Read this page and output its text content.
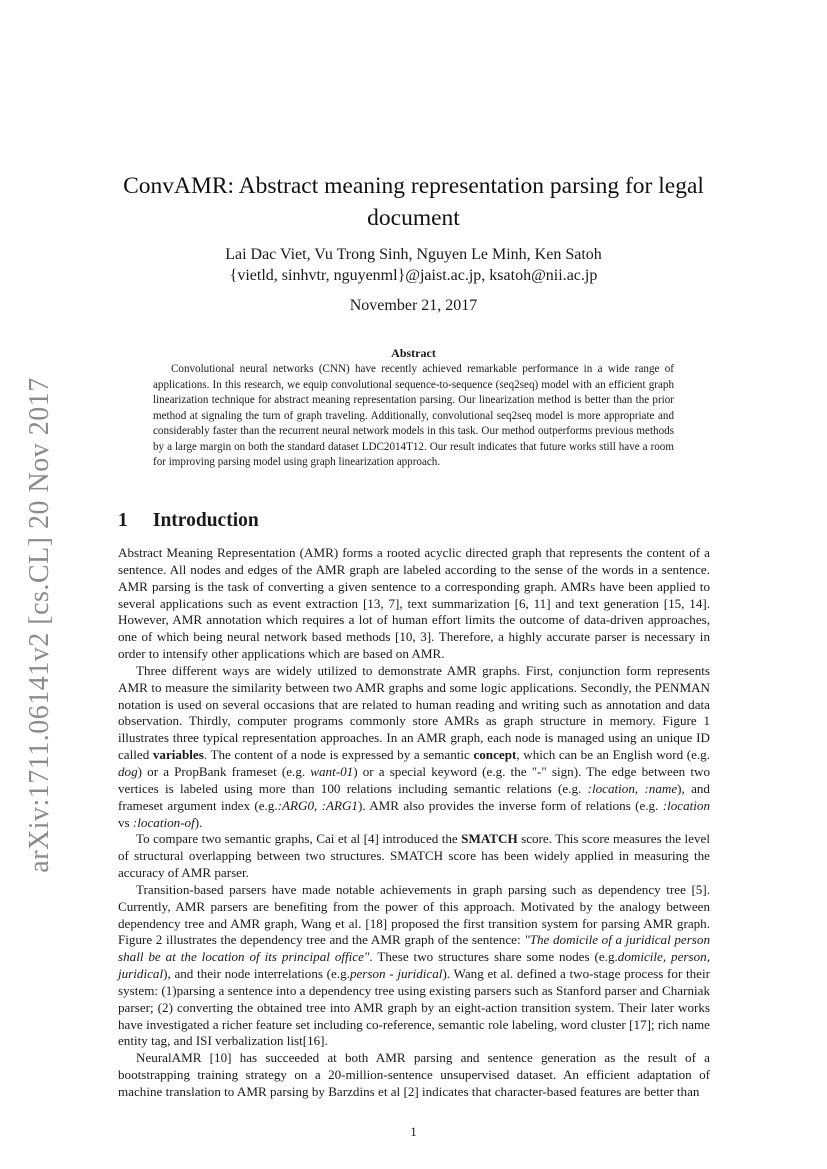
arXiv:1711.06141v2 [cs.CL] 20 Nov 2017
ConvAMR: Abstract meaning representation parsing for legal document
Lai Dac Viet, Vu Trong Sinh, Nguyen Le Minh, Ken Satoh
{vietld, sinhvtr, nguyenml}@jaist.ac.jp, ksatoh@nii.ac.jp
November 21, 2017
Abstract
Convolutional neural networks (CNN) have recently achieved remarkable performance in a wide range of applications. In this research, we equip convolutional sequence-to-sequence (seq2seq) model with an efficient graph linearization technique for abstract meaning representation parsing. Our linearization method is better than the prior method at signaling the turn of graph traveling. Additionally, convolutional seq2seq model is more appropriate and considerably faster than the recurrent neural network models in this task. Our method outperforms previous methods by a large margin on both the standard dataset LDC2014T12. Our result indicates that future works still have a room for improving parsing model using graph linearization approach.
1 Introduction

Abstract Meaning Representation (AMR) forms a rooted acyclic directed graph that represents the content of a sentence. All nodes and edges of the AMR graph are labeled according to the sense of the words in a sentence. AMR parsing is the task of converting a given sentence to a corresponding graph. AMRs have been applied to several applications such as event extraction [13, 7], text summarization [6, 11] and text generation [15, 14]. However, AMR annotation which requires a lot of human effort limits the outcome of data-driven approaches, one of which being neural network based methods [10, 3]. Therefore, a highly accurate parser is necessary in order to intensify other applications which are based on AMR.

Three different ways are widely utilized to demonstrate AMR graphs. First, conjunction form represents AMR to measure the similarity between two AMR graphs and some logic applications. Secondly, the PENMAN notation is used on several occasions that are related to human reading and writing such as annotation and data observation. Thirdly, computer programs commonly store AMRs as graph structure in memory. Figure 1 illustrates three typical representation approaches. In an AMR graph, each node is managed using an unique ID called variables. The content of a node is expressed by a semantic concept, which can be an English word (e.g. dog) or a PropBank frameset (e.g. want-01) or a special keyword (e.g. the "-" sign). The edge between two vertices is labeled using more than 100 relations including semantic relations (e.g. :location, :name), and frameset argument index (e.g.:ARG0, :ARG1). AMR also provides the inverse form of relations (e.g. :location vs :location-of).

To compare two semantic graphs, Cai et al [4] introduced the SMATCH score. This score measures the level of structural overlapping between two structures. SMATCH score has been widely applied in measuring the accuracy of AMR parser.

Transition-based parsers have made notable achievements in graph parsing such as dependency tree [5]. Currently, AMR parsers are benefiting from the power of this approach. Motivated by the analogy between dependency tree and AMR graph, Wang et al. [18] proposed the first transition system for parsing AMR graph. Figure 2 illustrates the dependency tree and the AMR graph of the sentence: "The domicile of a juridical person shall be at the location of its principal office". These two structures share some nodes (e.g.domicile, person, juridical), and their node interrelations (e.g.person - juridical). Wang et al. defined a two-stage process for their system: (1)parsing a sentence into a dependency tree using existing parsers such as Stanford parser and Charniak parser; (2) converting the obtained tree into AMR graph by an eight-action transition system. Their later works have investigated a richer feature set including co-reference, semantic role labeling, word cluster [17]; rich name entity tag, and ISI verbalization list[16].

NeuralAMR [10] has succeeded at both AMR parsing and sentence generation as the result of a bootstrapping training strategy on a 20-million-sentence unsupervised dataset. An efficient adaptation of machine translation to AMR parsing by Barzdins et al [2] indicates that character-based features are better than

1
